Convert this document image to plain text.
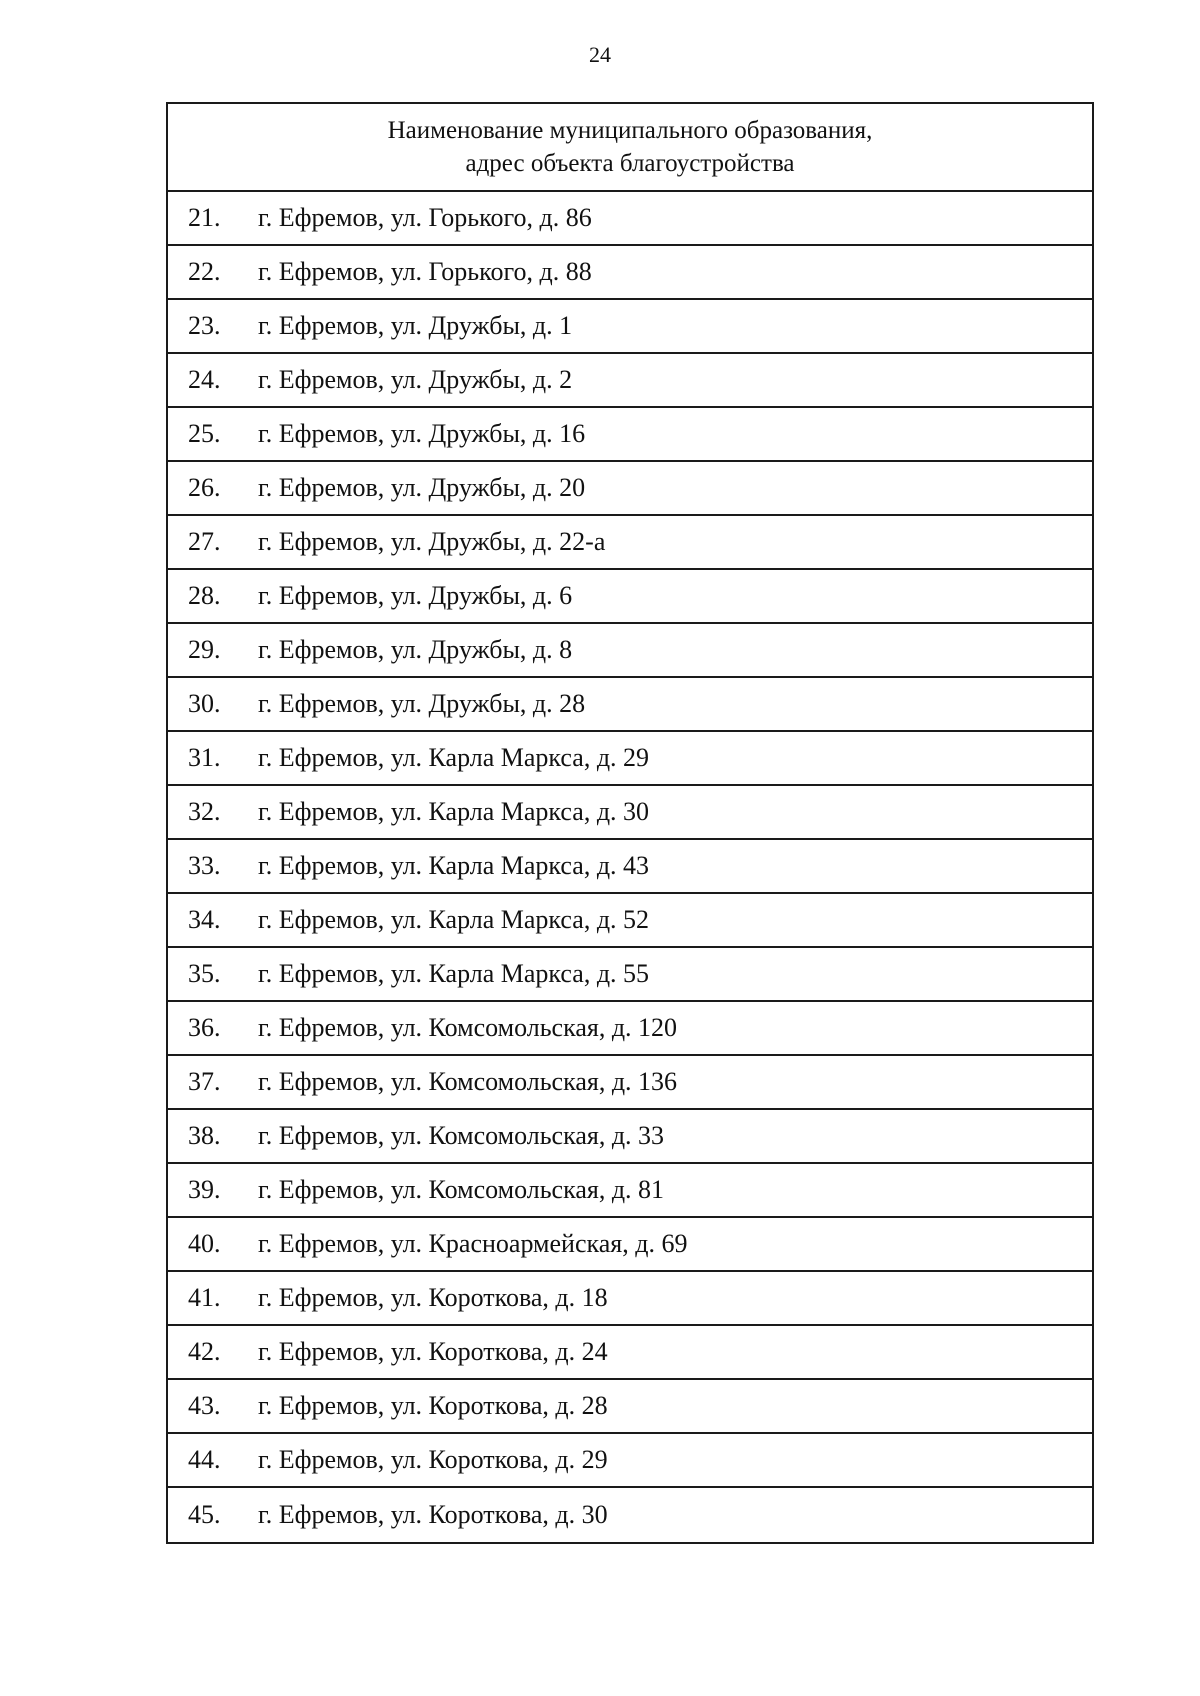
24
Наименование муниципального образования,
адрес объекта благоустройства
21.	г. Ефремов, ул. Горького, д. 86
22.	г. Ефремов, ул. Горького, д. 88
23.	г. Ефремов, ул. Дружбы, д. 1
24.	г. Ефремов, ул. Дружбы, д. 2
25.	г. Ефремов, ул. Дружбы, д. 16
26.	г. Ефремов, ул. Дружбы, д. 20
27.	г. Ефремов, ул. Дружбы, д. 22-а
28.	г. Ефремов, ул. Дружбы, д. 6
29.	г. Ефремов, ул. Дружбы, д. 8
30.	г. Ефремов, ул. Дружбы, д. 28
31.	г. Ефремов, ул. Карла Маркса, д. 29
32.	г. Ефремов, ул. Карла Маркса, д. 30
33.	г. Ефремов, ул. Карла Маркса, д. 43
34.	г. Ефремов, ул. Карла Маркса, д. 52
35.	г. Ефремов, ул. Карла Маркса, д. 55
36.	г. Ефремов, ул. Комсомольская, д. 120
37.	г. Ефремов, ул. Комсомольская, д. 136
38.	г. Ефремов, ул. Комсомольская, д. 33
39.	г. Ефремов, ул. Комсомольская, д. 81
40.	г. Ефремов, ул. Красноармейская, д. 69
41.	г. Ефремов, ул. Короткова, д. 18
42.	г. Ефремов, ул. Короткова, д. 24
43.	г. Ефремов, ул. Короткова, д. 28
44.	г. Ефремов, ул. Короткова, д. 29
45.	г. Ефремов, ул. Короткова, д. 30
